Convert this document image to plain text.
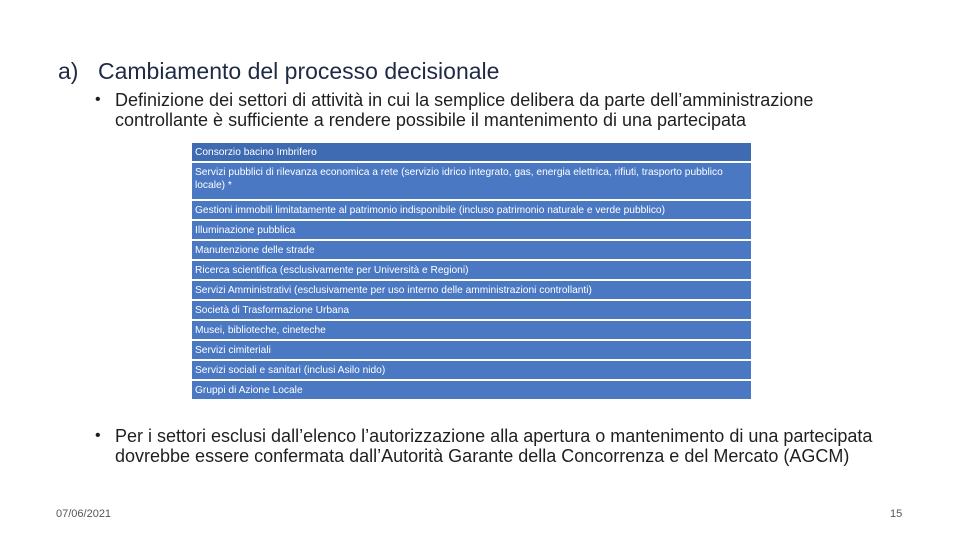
a) Cambiamento del processo decisionale
• Definizione dei settori di attività in cui la semplice delibera da parte dell’amministrazione controllante è sufficiente a rendere possibile il mantenimento di una partecipata
Consorzio bacino Imbrifero
Servizi pubblici di rilevanza economica a rete (servizio idrico integrato, gas, energia elettrica, rifiuti, trasporto pubblico locale) *
Gestioni immobili limitatamente al patrimonio indisponibile (incluso patrimonio naturale e verde pubblico)
Illuminazione pubblica
Manutenzione delle strade
Ricerca scientifica (esclusivamente per Università e Regioni)
Servizi Amministrativi (esclusivamente per uso interno delle amministrazioni controllanti)
Società di Trasformazione Urbana
Musei, biblioteche, cineteche
Servizi cimiteriali
Servizi sociali e sanitari (inclusi Asilo nido)
Gruppi di Azione Locale
• Per i settori esclusi dall’elenco l’autorizzazione alla apertura o mantenimento di una partecipata dovrebbe essere confermata dall’Autorità Garante della Concorrenza e del Mercato (AGCM)
07/06/2021	15
